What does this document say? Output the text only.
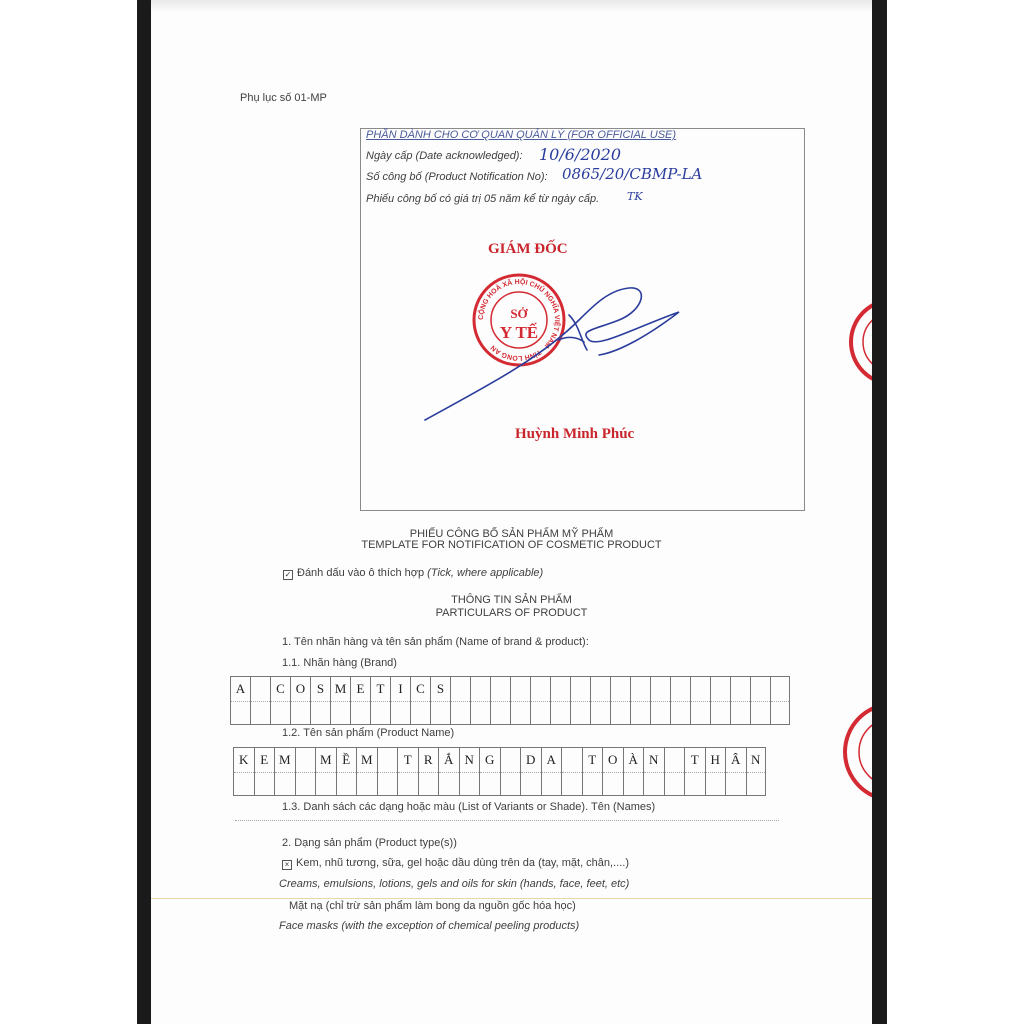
Phụ lục số 01-MP
PHẦN DÀNH CHO CƠ QUAN QUẢN LÝ (FOR OFFICIAL USE)
Ngày cấp (Date acknowledged): 10/6/2020
Số công bố (Product Notification No): 0865/20/CBMP-LA
Phiếu công bố có giá trị 05 năm kể từ ngày cấp.	TK
GIÁM ĐỐC
CỘNG HOÀ XÃ HỘI CHỦ NGHĨA VIỆT NAM · TỈNH LONG AN
SỞ
Y TẾ
Huỳnh Minh Phúc
PHIẾU CÔNG BỐ SẢN PHẨM MỸ PHẨM
TEMPLATE FOR NOTIFICATION OF COSMETIC PRODUCT
✓ Đánh dấu vào ô thích hợp (Tick, where applicable)
THÔNG TIN SẢN PHẨM
PARTICULARS OF PRODUCT
1. Tên nhãn hàng và tên sản phẩm (Name of brand & product):
1.1. Nhãn hàng (Brand)
A	C O S M E T	I	C S
1.2. Tên sản phẩm (Product Name)
K E M	M Ề M	T R Ắ N G	D A	T O À N	T H Â N
1.3. Danh sách các dạng hoặc màu (List of Variants or Shade). Tên (Names)
2. Dạng sản phẩm (Product type(s))
× Kem, nhũ tương, sữa, gel hoặc dầu dùng trên da (tay, mặt, chân,....)
Creams, emulsions, lotions, gels and oils for skin (hands, face, feet, etc)
Mặt nạ (chỉ trừ sản phẩm làm bong da nguồn gốc hóa học)
Face masks (with the exception of chemical peeling products)
